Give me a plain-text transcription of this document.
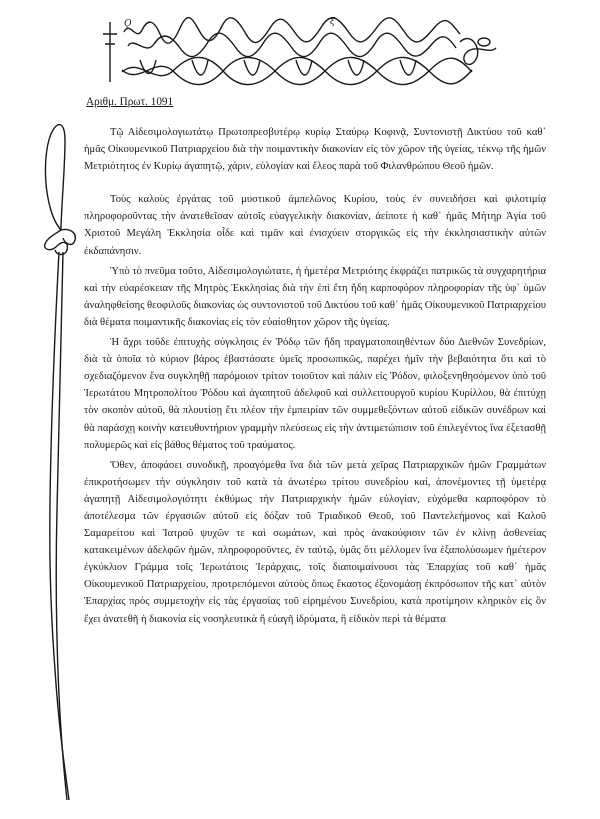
Ϙ	ξ
Αριθμ. Πρωτ. 1091

Τῷ Αἰδεσιμολογιωτάτῳ Πρωτοπρεσβυτέρῳ κυρίῳ Σταύρῳ Κοφινᾷ, Συντονιστῇ Δικτύου τοῦ καθ᾽ ἡμᾶς Οἰκουμενικοῦ Πατριαρχείου διὰ τὴν ποιμαντικὴν διακονίαν εἰς τὸν χῶρον τῆς ὑγείας, τέκνῳ τῆς ἡμῶν Μετριότητος ἐν Κυρίῳ ἀγαπητῷ, χάριν, εὐλογίαν καὶ ἔλεος παρὰ τοῦ Φιλανθρώπου Θεοῦ ἡμῶν.

Τοὺς καλοὺς ἐργάτας τοῦ μυστικοῦ ἀμπελῶνος Κυρίου, τοὺς ἐν συνειδήσει καὶ φιλοτιμίᾳ πληροφοροῦντας τὴν ἀνατεθεῖσαν αὐτοῖς εὐαγγελικὴν διακονίαν, ἀείποτε ἡ καθ᾽ ἡμᾶς Μήτηρ Ἁγία τοῦ Χριστοῦ Μεγάλη Ἐκκλησία οἶδε καὶ τιμᾶν καὶ ἐνισχύειν στοργικῶς εἰς τὴν ἐκκλησιαστικὴν αὐτῶν ἐκδαπάνησιν.

Ὑπὸ τὸ πνεῦμα τοῦτο, Αἰδεσιμολογιώτατε, ἡ ἡμετέρα Μετριότης ἐκφράζει πατρικῶς τὰ συγχαρητήρια καὶ τὴν εὐαρέσκειαν τῆς Μητρὸς Ἐκκλησίας διὰ τὴν ἐπὶ ἔτη ἤδη καρποφόρον πληροφορίαν τῆς ὑφ᾽ ὑμῶν ἀναληφθείσης θεοφιλοῦς διακονίας ὡς συντονιστοῦ τοῦ Δικτύου τοῦ καθ᾽ ἡμᾶς Οἰκουμενικοῦ Πατριαρχείου διὰ θέματα ποιμαντικῆς διακονίας εἰς τὸν εὐαίσθητον χῶρον τῆς ὑγείας.

Ἡ ἄχρι τοῦδε ἐπιτυχὴς σύγκλησις ἐν Ῥόδῳ τῶν ἤδη πραγματοποιηθέντων δύο Διεθνῶν Συνεδρίων, διὰ τὰ ὁποῖα τὸ κύριον βάρος ἐβαστάσατε ὑμεῖς προσωπικῶς, παρέχει ἡμῖν τὴν βεβαιότητα ὅτι καὶ τὸ σχεδιαζόμενον ἕνα συγκληθῇ παρόμοιον τρίτον τοιοῦτον καὶ πάλιν εἰς Ῥόδον, φιλοξενηθησόμενον ὑπὸ τοῦ Ἱερωτάτου Μητροπολίτου Ῥόδου καὶ ἀγαπητοῦ ἀδελφοῦ καὶ συλλειτουργοῦ κυρίου Κυρίλλου, θὰ ἐπιτύχῃ τὸν σκοπὸν αὐτοῦ, θὰ πλουτίσῃ ἔτι πλέον τὴν ἐμπειρίαν τῶν συμμεθεξόντων αὐτοῦ εἰδικῶν συνέδρων καὶ θὰ παράσχῃ κοινὴν κατευθυντήριον γραμμὴν πλεύσεως εἰς τὴν ἀντιμετώπισιν τοῦ ἐπιλεγέντος ἵνα ἐξετασθῇ πολυμερῶς καὶ εἰς βάθος θέματος τοῦ τραύματος.

Ὅθεν, ἀποφάσει συνοδικῇ, προαγόμεθα ἵνα διὰ τῶν μετὰ χεῖρας Πατριαρχικῶν ἡμῶν Γραμμάτων ἐπικροτήσωμεν τὴν σύγκλησιν τοῦ κατὰ τὰ ἀνωτέρω τρίτου συνεδρίου καί, ἀπονέμοντες τῇ ὑμετέρᾳ ἀγαπητῇ Αἰδεσιμολογιότητι ἐκθύμως τὴν Πατριαρχικὴν ἡμῶν εὐλογίαν, εὐχόμεθα καρποφόρον τὸ ἀποτέλεσμα τῶν ἐργασιῶν αὐτοῦ εἰς δόξαν τοῦ Τριαδικοῦ Θεοῦ, τοῦ Παντελεήμονος καὶ Καλοῦ Σαμαρείτου καὶ Ἰατροῦ ψυχῶν τε καὶ σωμάτων, καὶ πρὸς ἀνακούφισιν τῶν ἐν κλίνῃ ἀσθενείας κατακειμένων ἀδελφῶν ἡμῶν, πληροφοροῦντες, ἐν ταὐτῷ, ὑμᾶς ὅτι μέλλομεν ἵνα ἐξαπολύσωμεν ἡμέτερον ἐγκύκλιον Γράμμα τοῖς Ἱερωτάτοις Ἱεράρχαις, τοῖς διαποιμαίνουσι τὰς Ἐπαρχίας τοῦ καθ᾽ ἡμᾶς Οἰκουμενικοῦ Πατριαρχείου, προτρεπόμενοι αὐτοὺς ὅπως ἕκαστος ἐξονομάσῃ ἐκπρόσωπον τῆς κατ᾽ αὐτὸν Ἐπαρχίας πρὸς συμμετοχὴν εἰς τὰς ἐργασίας τοῦ εἰρημένου Συνεδρίου, κατὰ προτίμησιν κληρικὸν εἰς ὃν ἔχει ἀνατεθῆ ἡ διακονία εἰς νοσηλευτικὰ ἢ εὐαγῆ ἱδρύματα, ἢ εἰδικὸν περὶ τὰ θέματα
